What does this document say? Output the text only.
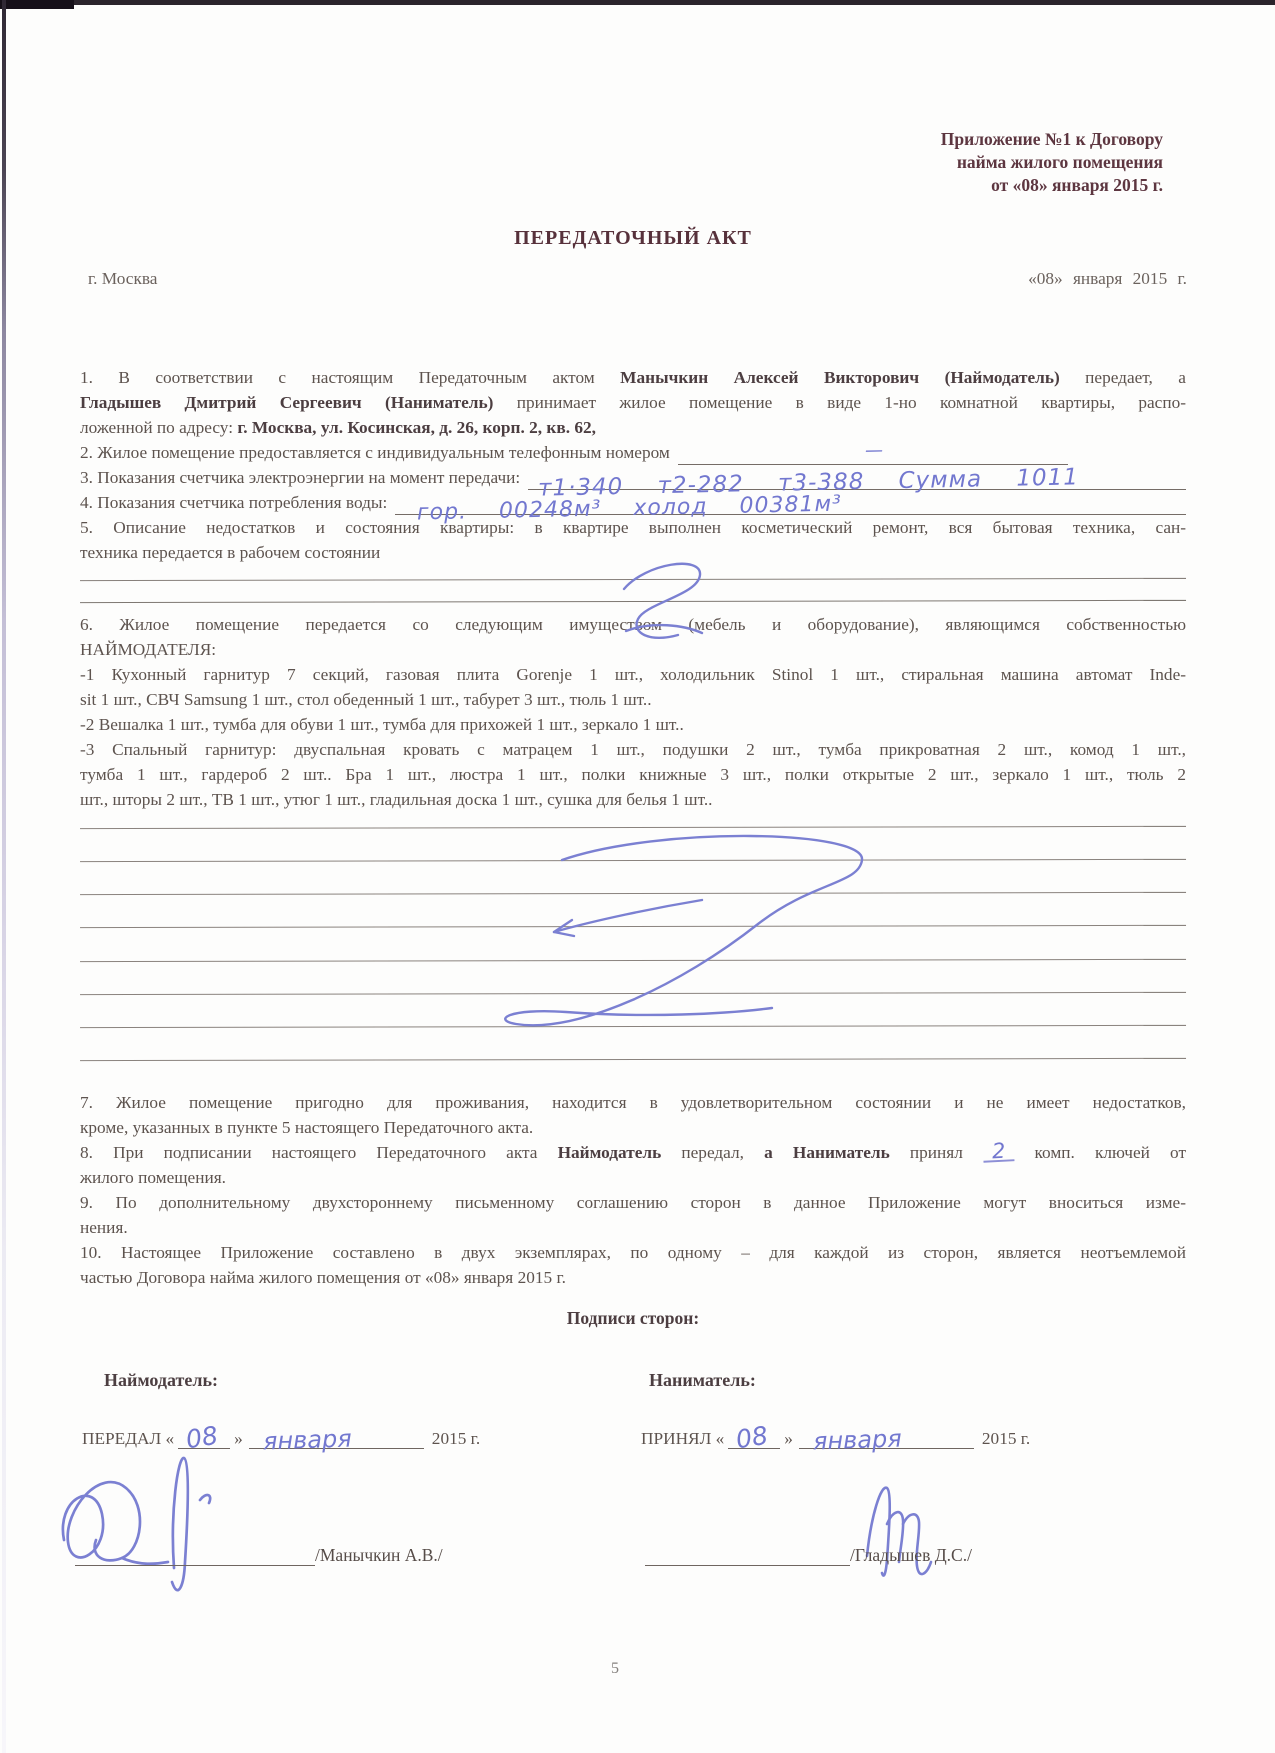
Приложение №1 к Договору
найма жилого помещения
от «08» января 2015 г.
ПЕРЕДАТОЧНЫЙ АКТ
г. Москва	«08» января 2015 г.
1. В соответствии с настоящим Передаточным актом Манычкин Алексей Викторович (Наймодатель) передает, а
Гладышев Дмитрий Сергеевич (Наниматель) принимает жилое помещение в виде 1-но комнатной квартиры, распо-
ложенной по адресу: г. Москва, ул. Косинская, д. 26, корп. 2, кв. 62,
2. Жилое помещение предоставляется с индивидуальным телефонным номером	—
3. Показания счетчика электроэнергии на момент передачи: т1·340 т2-282 т3-388 Сумма 1011
4. Показания счетчика потребления воды: гор. 00248м³ холод 00381м³
5. Описание недостатков и состояния квартиры: в квартире выполнен косметический ремонт, вся бытовая техника, сан-
техника передается в рабочем состоянии
6. Жилое помещение передается со следующим имуществом (мебель и оборудование), являющимся собственностью
НАЙМОДАТЕЛЯ:
-1 Кухонный гарнитур 7 секций, газовая плита Gorenje 1 шт., холодильник Stinol 1 шт., стиральная машина автомат Inde-
sit 1 шт., СВЧ Samsung 1 шт., стол обеденный 1 шт., табурет 3 шт., тюль 1 шт..
-2 Вешалка 1 шт., тумба для обуви 1 шт., тумба для прихожей 1 шт., зеркало 1 шт..
-3 Спальный гарнитур: двуспальная кровать с матрацем 1 шт., подушки 2 шт., тумба прикроватная 2 шт., комод 1 шт.,
тумба 1 шт., гардероб 2 шт.. Бра 1 шт., люстра 1 шт., полки книжные 3 шт., полки открытые 2 шт., зеркало 1 шт., тюль 2
шт., шторы 2 шт., ТВ 1 шт., утюг 1 шт., гладильная доска 1 шт., сушка для белья 1 шт..
7. Жилое помещение пригодно для проживания, находится в удовлетворительном состоянии и не имеет недостатков,
кроме, указанных в пункте 5 настоящего Передаточного акта.
8. При подписании настоящего Передаточного акта Наймодатель передал, а Наниматель принял 2 комп. ключей от
жилого помещения.
9. По дополнительному двухстороннему письменному соглашению сторон в данное Приложение могут вноситься изме-
нения.
10. Настоящее Приложение составлено в двух экземплярах, по одному – для каждой из сторон, является неотъемлемой
частью Договора найма жилого помещения от «08» января 2015 г.
Подписи сторон:
Наймодатель:	Наниматель:
ПЕРЕДАЛ « 08 » января	2015 г.	ПРИНЯЛ « 08 » января	2015 г.
/Манычкин А.В./	/Гладышев Д.С./
5
